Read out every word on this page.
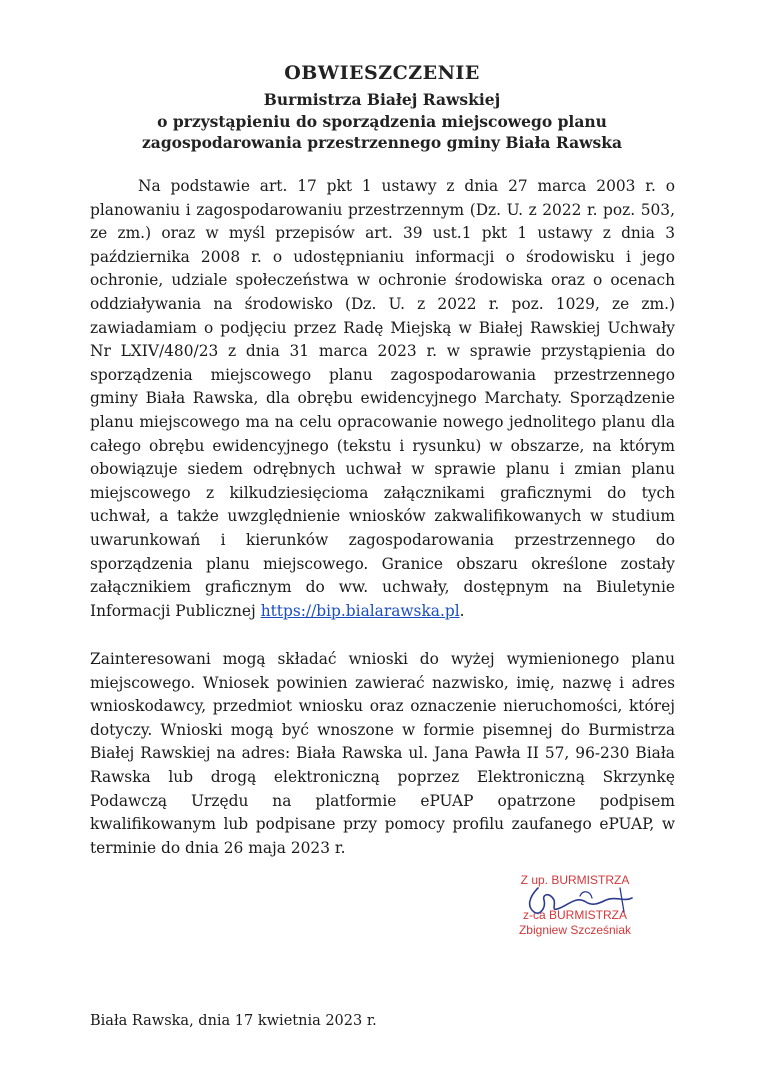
OBWIESZCZENIE
Burmistrza Białej Rawskiej
o przystąpieniu do sporządzenia miejscowego planu
zagospodarowania przestrzennego gminy Biała Rawska
Na podstawie art. 17 pkt 1 ustawy z dnia 27 marca 2003 r. o planowaniu i zagospodarowaniu przestrzennym (Dz. U. z 2022 r. poz. 503, ze zm.) oraz w myśl przepisów art. 39 ust.1 pkt 1 ustawy z dnia 3 października 2008 r. o udostępnianiu informacji o środowisku i jego ochronie, udziale społeczeństwa w ochronie środowiska oraz o ocenach oddziaływania na środowisko (Dz. U. z 2022 r. poz. 1029, ze zm.) zawiadamiam o podjęciu przez Radę Miejską w Białej Rawskiej Uchwały Nr LXIV/480/23 z dnia 31 marca 2023 r. w sprawie przystąpienia do sporządzenia miejscowego planu zagospodarowania przestrzennego gminy Biała Rawska, dla obrębu ewidencyjnego Marchaty. Sporządzenie planu miejscowego ma na celu opracowanie nowego jednolitego planu dla całego obrębu ewidencyjnego (tekstu i rysunku) w obszarze, na którym obowiązuje siedem odrębnych uchwał w sprawie planu i zmian planu miejscowego z kilkudziesięcioma załącznikami graficznymi do tych uchwał, a także uwzględnienie wniosków zakwalifikowanych w studium uwarunkowań i kierunków zagospodarowania przestrzennego do sporządzenia planu miejscowego. Granice obszaru określone zostały załącznikiem graficznym do ww. uchwały, dostępnym na Biuletynie Informacji Publicznej https://bip.bialarawska.pl.
Zainteresowani mogą składać wnioski do wyżej wymienionego planu miejscowego. Wniosek powinien zawierać nazwisko, imię, nazwę i adres wnioskodawcy, przedmiot wniosku oraz oznaczenie nieruchomości, której dotyczy. Wnioski mogą być wnoszone w formie pisemnej do Burmistrza Białej Rawskiej na adres: Biała Rawska ul. Jana Pawła II 57, 96-230 Biała Rawska lub drogą elektroniczną poprzez Elektroniczną Skrzynkę Podawczą Urzędu na platformie ePUAP opatrzone podpisem kwalifikowanym lub podpisane przy pomocy profilu zaufanego ePUAP, w terminie do dnia 26 maja 2023 r.
Z up. BURMISTRZA
z-ca BURMISTRZA
Zbigniew Szcześniak
Biała Rawska, dnia 17 kwietnia 2023 r.
